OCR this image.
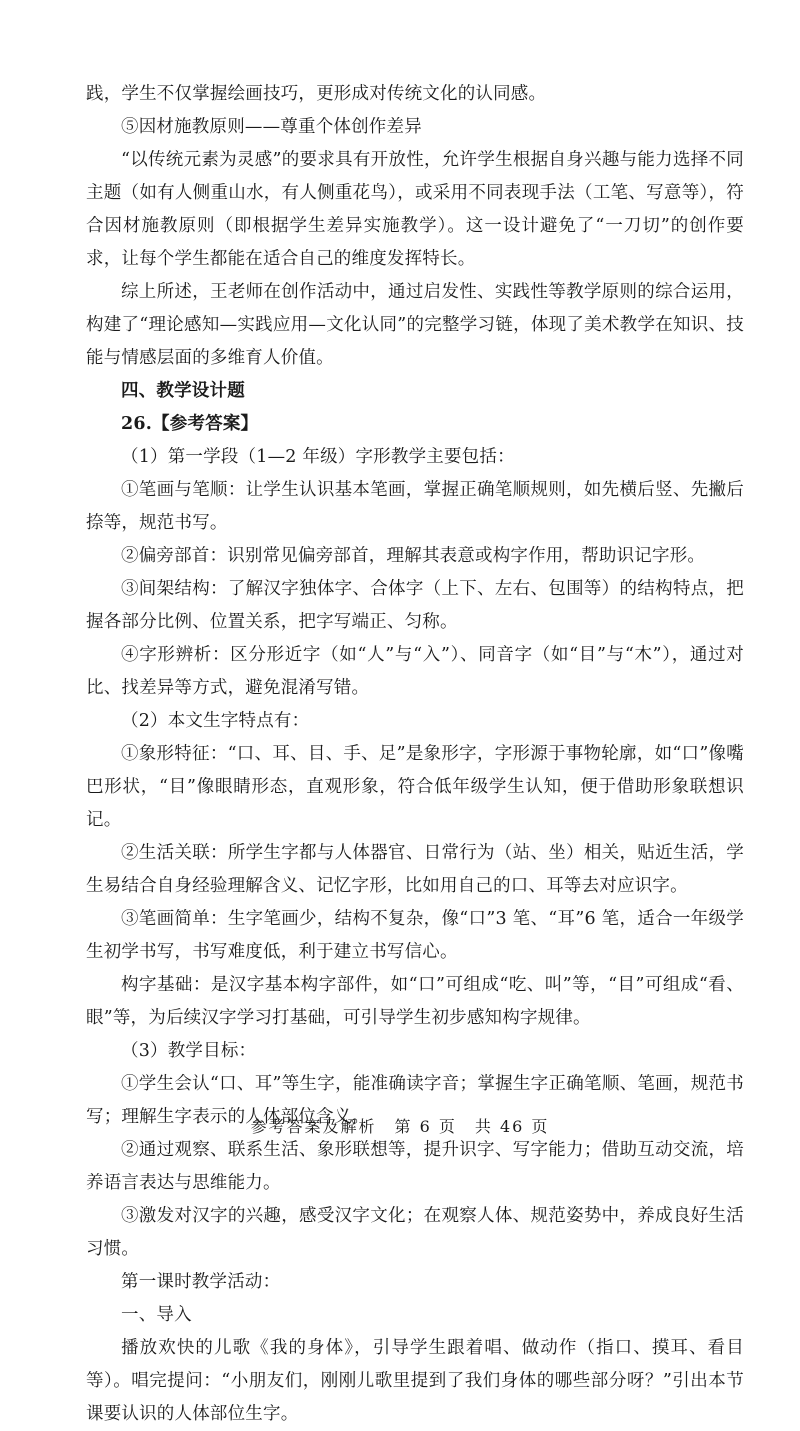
践，学生不仅掌握绘画技巧，更形成对传统文化的认同感。

⑤因材施教原则——尊重个体创作差异

“以传统元素为灵感”的要求具有开放性，允许学生根据自身兴趣与能力选择不同主题（如有人侧重山水，有人侧重花鸟），或采用不同表现手法（工笔、写意等），符合因材施教原则（即根据学生差异实施教学）。这一设计避免了“一刀切”的创作要求，让每个学生都能在适合自己的维度发挥特长。

综上所述，王老师在创作活动中，通过启发性、实践性等教学原则的综合运用，构建了“理论感知—实践应用—文化认同”的完整学习链，体现了美术教学在知识、技能与情感层面的多维育人价值。

四、教学设计题

26.【参考答案】

（1）第一学段（1—2 年级）字形教学主要包括：

①笔画与笔顺：让学生认识基本笔画，掌握正确笔顺规则，如先横后竖、先撇后捺等，规范书写。

②偏旁部首：识别常见偏旁部首，理解其表意或构字作用，帮助识记字形。

③间架结构：了解汉字独体字、合体字（上下、左右、包围等）的结构特点，把握各部分比例、位置关系，把字写端正、匀称。

④字形辨析：区分形近字（如“人”与“入”）、同音字（如“目”与“木”），通过对比、找差异等方式，避免混淆写错。

（2）本文生字特点有：

①象形特征：“口、耳、目、手、足”是象形字，字形源于事物轮廓，如“口”像嘴巴形状，“目”像眼睛形态，直观形象，符合低年级学生认知，便于借助形象联想识记。

②生活关联：所学生字都与人体器官、日常行为（站、坐）相关，贴近生活，学生易结合自身经验理解含义、记忆字形，比如用自己的口、耳等去对应识字。

③笔画简单：生字笔画少，结构不复杂，像“口”3 笔、“耳”6 笔，适合一年级学生初学书写，书写难度低，利于建立书写信心。

构字基础：是汉字基本构字部件，如“口”可组成“吃、叫”等，“目”可组成“看、眼”等，为后续汉字学习打基础，可引导学生初步感知构字规律。

（3）教学目标：

①学生会认“口、耳”等生字，能准确读字音；掌握生字正确笔顺、笔画，规范书写；理解生字表示的人体部位含义。

②通过观察、联系生活、象形联想等，提升识字、写字能力；借助互动交流，培养语言表达与思维能力。

③激发对汉字的兴趣，感受汉字文化；在观察人体、规范姿势中，养成良好生活习惯。

第一课时教学活动：

一、导入

播放欢快的儿歌《我的身体》，引导学生跟着唱、做动作（指口、摸耳、看目等）。唱完提问：“小朋友们，刚刚儿歌里提到了我们身体的哪些部分呀？”引出本节课要认识的人体部位生字。

参考答案及解析　第 6 页　共 46 页
